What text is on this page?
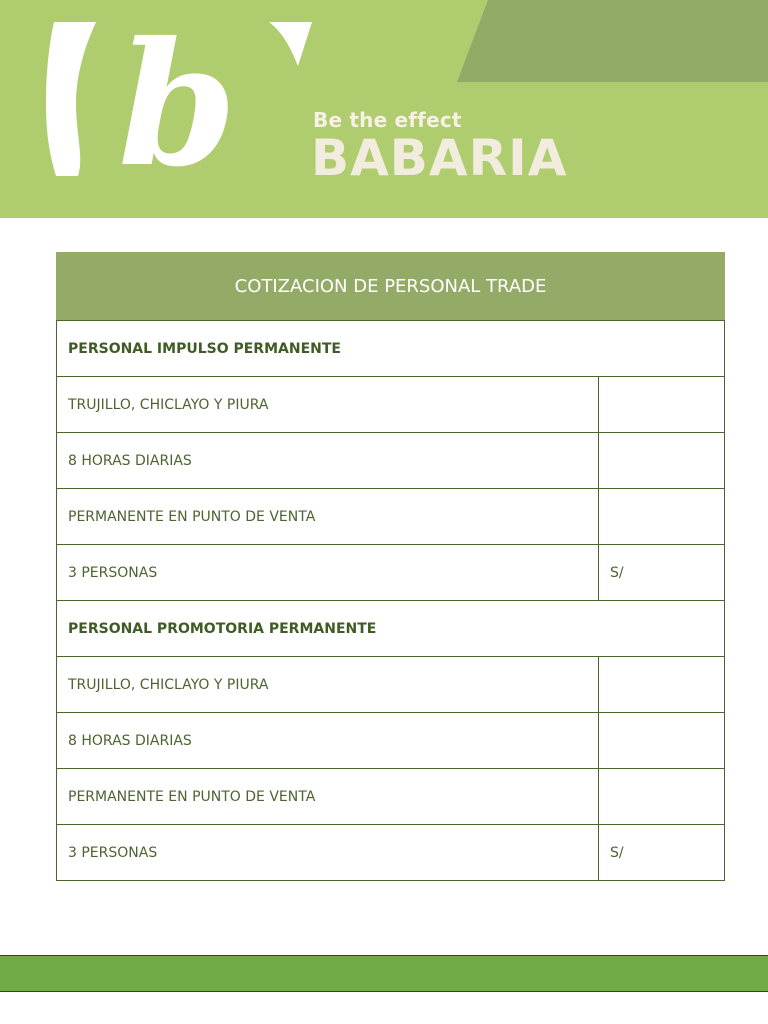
b	Be the effect
BABARIA
COTIZACION DE PERSONAL TRADE	
PERSONAL IMPULSO PERMANENTE	
TRUJILLO, CHICLAYO Y PIURA	
8 HORAS DIARIAS	
PERMANENTE EN PUNTO DE VENTA	
3 PERSONAS	S/
PERSONAL PROMOTORIA PERMANENTE	
TRUJILLO, CHICLAYO Y PIURA	
8 HORAS DIARIAS	
PERMANENTE EN PUNTO DE VENTA	
3 PERSONAS	S/
